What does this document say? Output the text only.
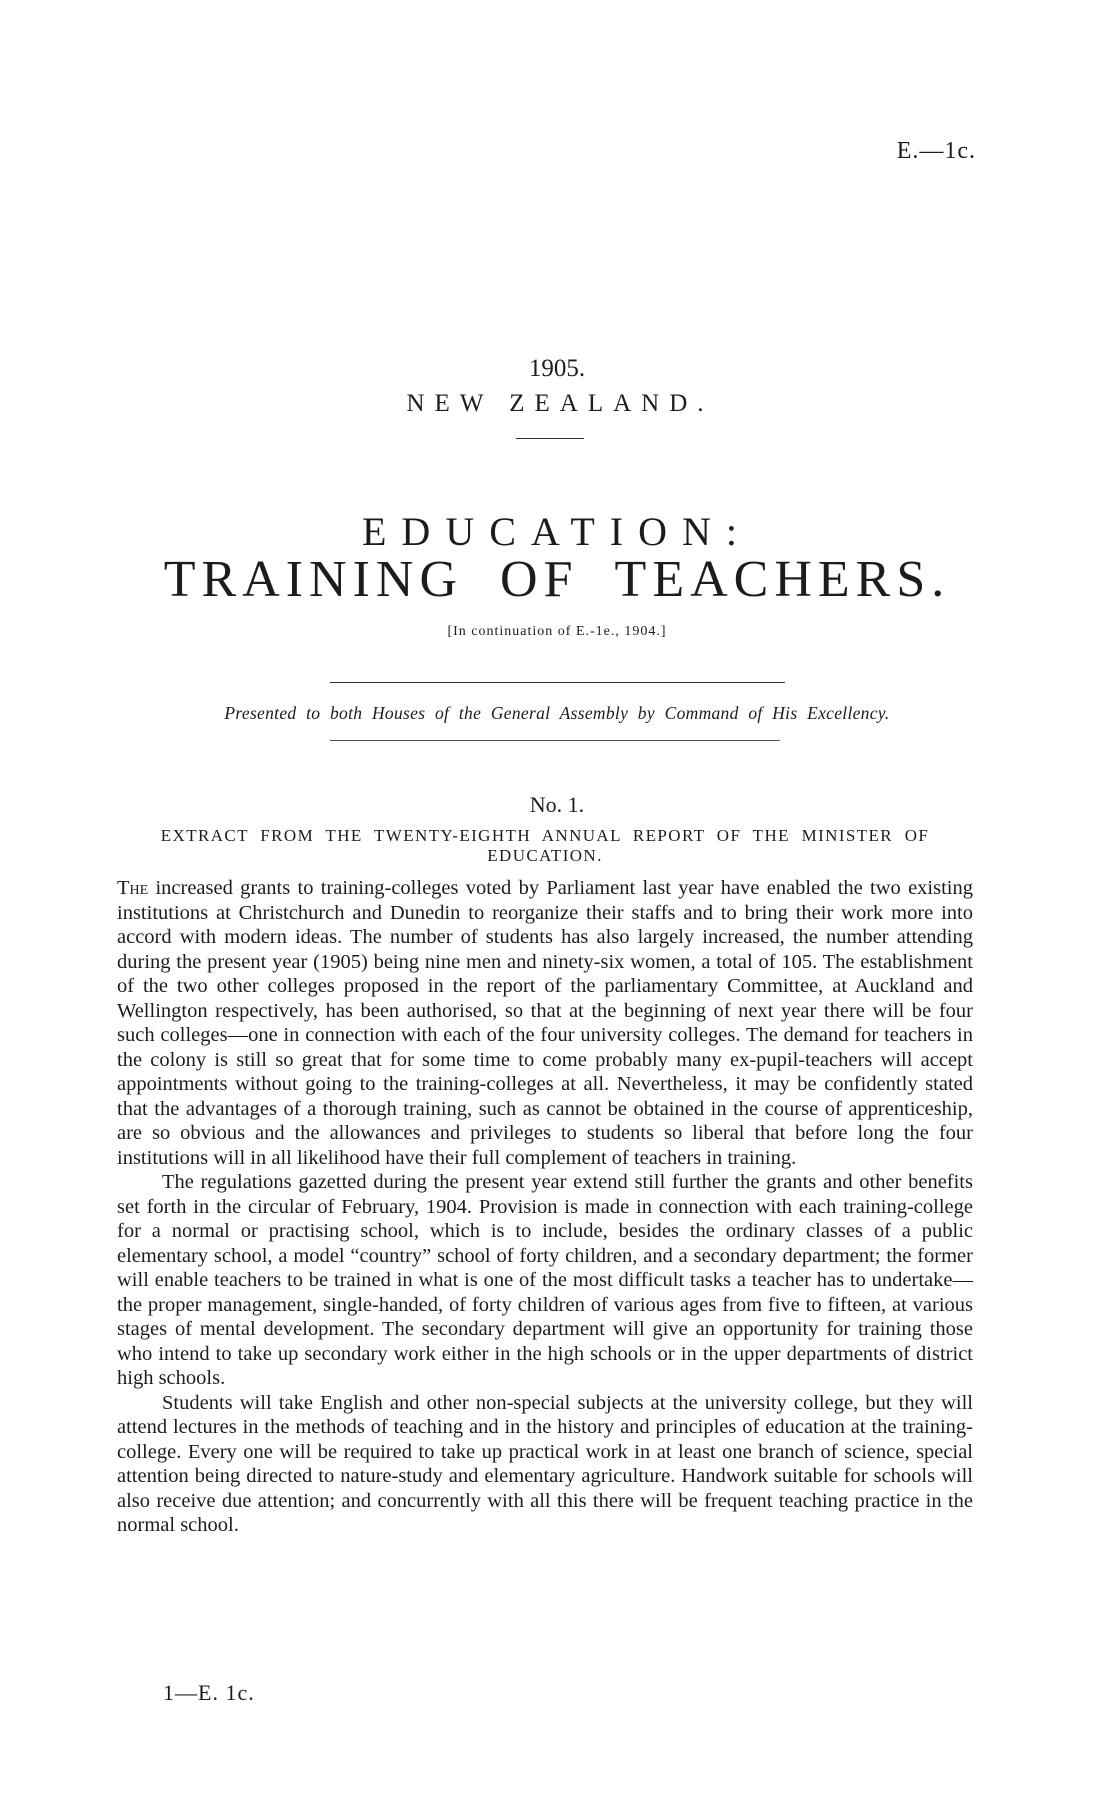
E.—1c.
1905.
NEW ZEALAND.
EDUCATION:
TRAINING OF TEACHERS.
[In continuation of E.-1e., 1904.]
Presented to both Houses of the General Assembly by Command of His Excellency.
No. 1.
EXTRACT FROM THE TWENTY-EIGHTH ANNUAL REPORT OF THE MINISTER OF EDUCATION.

The increased grants to training-colleges voted by Parliament last year have enabled the two existing institutions at Christchurch and Dunedin to reorganize their staffs and to bring their work more into accord with modern ideas. The number of students has also largely increased, the number attending during the present year (1905) being nine men and ninety-six women, a total of 105. The establishment of the two other colleges proposed in the report of the parliamentary Committee, at Auckland and Wellington respectively, has been authorised, so that at the beginning of next year there will be four such colleges—one in connection with each of the four university colleges. The demand for teachers in the colony is still so great that for some time to come probably many ex-pupil-teachers will accept appointments without going to the training-colleges at all. Nevertheless, it may be confidently stated that the advantages of a thorough training, such as cannot be obtained in the course of apprenticeship, are so obvious and the allowances and privileges to students so liberal that before long the four institutions will in all likelihood have their full complement of teachers in training.

The regulations gazetted during the present year extend still further the grants and other benefits set forth in the circular of February, 1904. Provision is made in connection with each training-college for a normal or practising school, which is to include, besides the ordinary classes of a public elementary school, a model “country” school of forty children, and a secondary department; the former will enable teachers to be trained in what is one of the most difficult tasks a teacher has to undertake—the proper management, single-handed, of forty children of various ages from five to fifteen, at various stages of mental development. The secondary department will give an opportunity for training those who intend to take up secondary work either in the high schools or in the upper departments of district high schools.

Students will take English and other non-special subjects at the university college, but they will attend lectures in the methods of teaching and in the history and principles of education at the training-college. Every one will be required to take up practical work in at least one branch of science, special attention being directed to nature-study and elementary agriculture. Handwork suitable for schools will also receive due attention; and concurrently with all this there will be frequent teaching practice in the normal school.

1—E. 1c.
